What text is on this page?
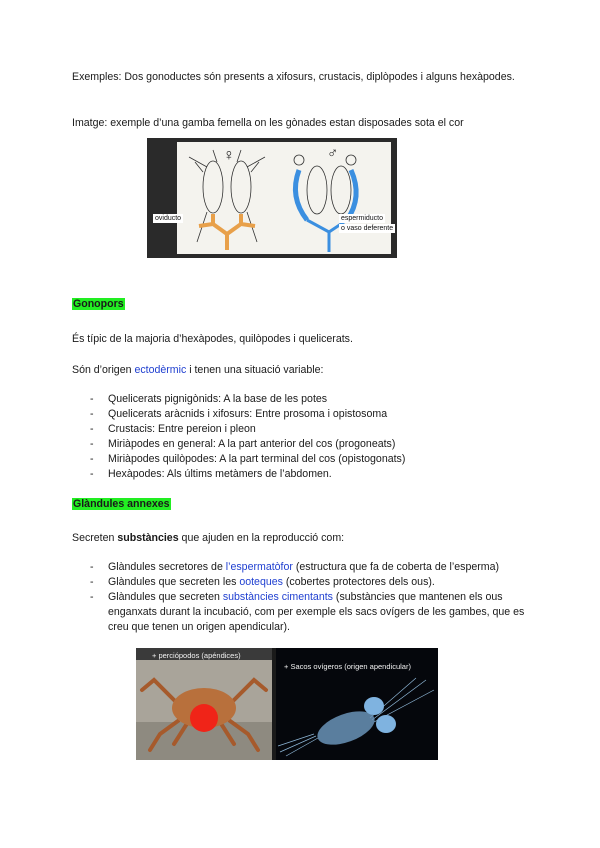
Exemples: Dos gonoductes són presents a xifosurs, crustacis, diplòpodes i alguns hexàpodes.

Imatge: exemple d’una gamba femella on les gònades estan disposades sota el cor

♀	♂
oviducto	espermiducto
o vaso deferente

Gonopors

És típic de la majoria d’hexàpodes, quilòpodes i quelicerats.

Són d’origen ectodèrmic i tenen una situació variable:

- Quelicerats pignigònids: A la base de les potes
- Quelicerats aràcnids i xifosurs: Entre prosoma i opistosoma
- Crustacis: Entre pereion i pleon
- Miriàpodes en general: A la part anterior del cos (progoneats)
- Miriàpodes quilòpodes: A la part terminal del cos (opistogonats)
- Hexàpodes: Als últims metàmers de l’abdomen.

Glàndules annexes

Secreten substàncies que ajuden en la reproducció com:

- Glàndules secretores de l’espermatòfor (estructura que fa de coberta de l’esperma)
- Glàndules que secreten les ooteques (cobertes protectores dels ous).
- Glàndules que secreten substàncies cimentants (substàncies que mantenen els ous enganxats durant la incubació, com per exemple els sacs ovígers de les gambes, que es creu que tenen un origen apendicular).
+ perciópodos (apéndices)
+ Sacos ovígeros (origen apendicular)
